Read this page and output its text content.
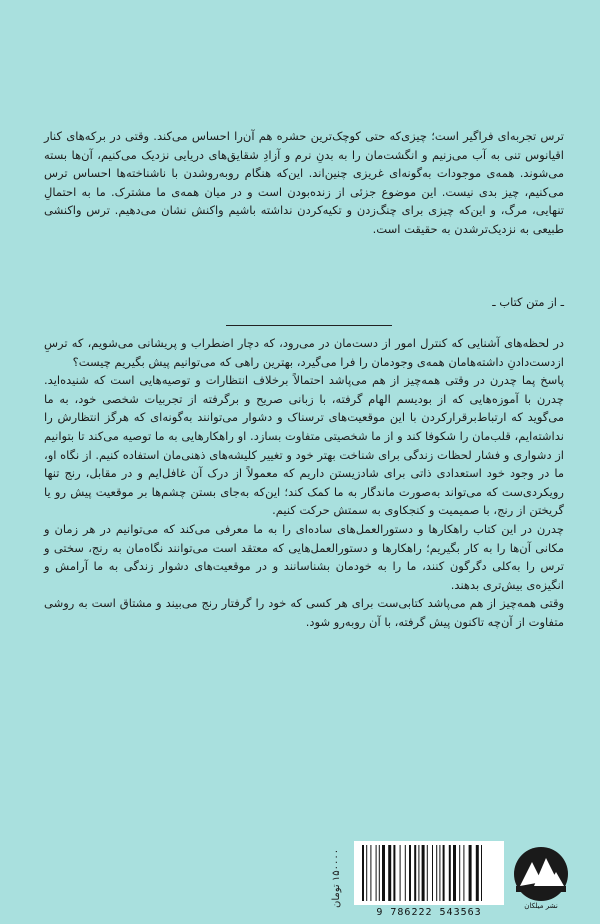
ترس تجربه‌ای فراگیر است؛ چیزی‌که حتی کوچک‌ترین حشره هم آن‌را احساس می‌کند. وقتی در برکه‌های کنار اقیانوس تنی به آب می‌زنیم و انگشت‌مان را به بدنِ نرم و آزادِ شقایق‌های دریایی نزدیک می‌کنیم، آن‌ها بسته می‌شوند. همه‌ی موجودات به‌گونه‌ای غریزی چنین‌اند. این‌که هنگام رو‌به‌روشدن با ناشناخته‌ها احساس ترس می‌کنیم، چیز بدی نیست. این موضوع جزئی از زنده‌بودن است و در میان همه‌ی ما مشترک. ما به احتمالِ تنهایی، مرگ، و این‌که چیزی برای چنگ‌زدن و تکیه‌کردن نداشته باشیم واکنش نشان می‌دهیم. ترس واکنشی طبیعی به نزدیک‌ترشدن به حقیقت است.
ـ از متن کتاب ـ

در لحظه‌های آشنایی که کنترل امور از دست‌مان در می‌رود، که دچار اضطراب و پریشانی می‌شویم، که ترسِ از‌دست‌دادنِ داشته‌هامان همه‌ی وجودمان را فرا می‌گیرد، بهترین راهی که می‌توانیم پیش بگیریم چیست؟

پاسخ پما چدرن در وقتی همه‌چیز از هم می‌پاشد احتمالاً برخلاف انتظارات و توصیه‌هایی است که شنیده‌اید. چدرن با آموزه‌هایی که از بودیسم الهام گرفته، با زبانی صریح و برگرفته از تجربیات شخصی خود، به ما می‌گوید که ارتباط‌برقرارکردن با این موقعیت‌های ترسناک و دشوار می‌توانند به‌گونه‌ای که هرگز انتظارش را نداشته‌ایم، قلب‌مان را شکوفا کند و از ما شخصیتی متفاوت بسازد. او راهکارهایی به ما توصیه می‌کند تا بتوانیم از دشواری و فشار لحظات زندگی برای شناخت بهتر خود و تغییر کلیشه‌های ذهنی‌مان استفاده کنیم. از نگاه او، ما در وجود خود استعدادی ذاتی برای شادزیستن داریم که معمولاً از درک آن غافل‌ایم و در مقابل، رنج تنها رویکردی‌ست که می‌تواند به‌صورت ماندگار به ما کمک کند؛ این‌که به‌جای بستن چشم‌ها بر موقعیت پیش رو یا گریختن از رنج، با صمیمیت و کنجکاوی به سمتش حرکت کنیم.

چدرن در این کتاب راهکارها و دستورالعمل‌های ساده‌ای را به ما معرفی می‌کند که می‌توانیم در هر زمان و مکانی آن‌ها را به کار بگیریم؛ راهکارها و دستورالعمل‌هایی که معتقد است می‌توانند نگاه‌مان به رنج، سختی و ترس را به‌کلی دگرگون کنند، ما را به خودمان بشناسانند و در موقعیت‌های دشوار زندگی به ما آرامش و انگیزه‌ی بیش‌تری بدهند.

وقتی همه‌چیز از هم می‌پاشد کتابی‌ست برای هر کسی که خود را گرفتار رنج می‌بیند و مشتاق است به روشی متفاوت از آن‌چه تاکنون پیش گرفته، با آن روبه‌رو شود.

۱۵۰۰۰۰ تومان
9 786222 543563
نشر میلکان
